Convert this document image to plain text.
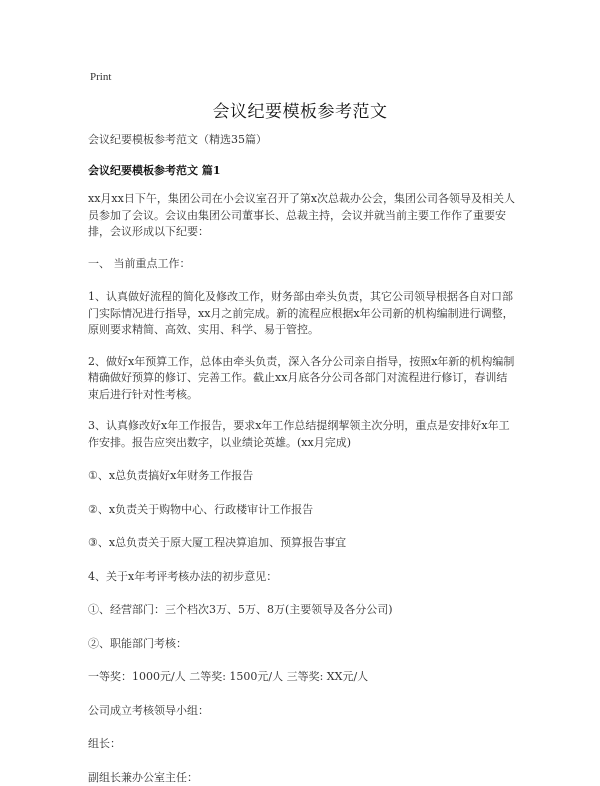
Print
会议纪要模板参考范文

会议纪要模板参考范文（精选35篇）

会议纪要模板参考范文 篇1

xx月xx日下午，集团公司在小会议室召开了第x次总裁办公会，集团公司各领导及相关人员参加了会议。会议由集团公司董事长、总裁主持，会议并就当前主要工作作了重要安排，会议形成以下纪要：

一、 当前重点工作：

1、认真做好流程的简化及修改工作，财务部由牵头负责，其它公司领导根据各自对口部门实际情况进行指导，xx月之前完成。新的流程应根据x年公司新的机构编制进行调整，原则要求精简、高效、实用、科学、易于管控。

2、做好x年预算工作，总体由牵头负责，深入各分公司亲自指导，按照x年新的机构编制精确做好预算的修订、完善工作。截止xx月底各分公司各部门对流程进行修订，春训结束后进行针对性考核。

3、认真修改好x年工作报告，要求x年工作总结提纲挈领主次分明，重点是安排好x年工作安排。报告应突出数字，以业绩论英雄。(xx月完成)

①、x总负责搞好x年财务工作报告

②、x负责关于购物中心、行政楼审计工作报告

③、x总负责关于原大厦工程决算追加、预算报告事宜

4、关于x年考评考核办法的初步意见：

①、经营部门：三个档次3万、5万、8万(主要领导及各分公司)

②、职能部门考核：

一等奖：1000元/人 二等奖: 1500元/人 三等奖: XX元/人

公司成立考核领导小组：

组长：

副组长兼办公室主任：
